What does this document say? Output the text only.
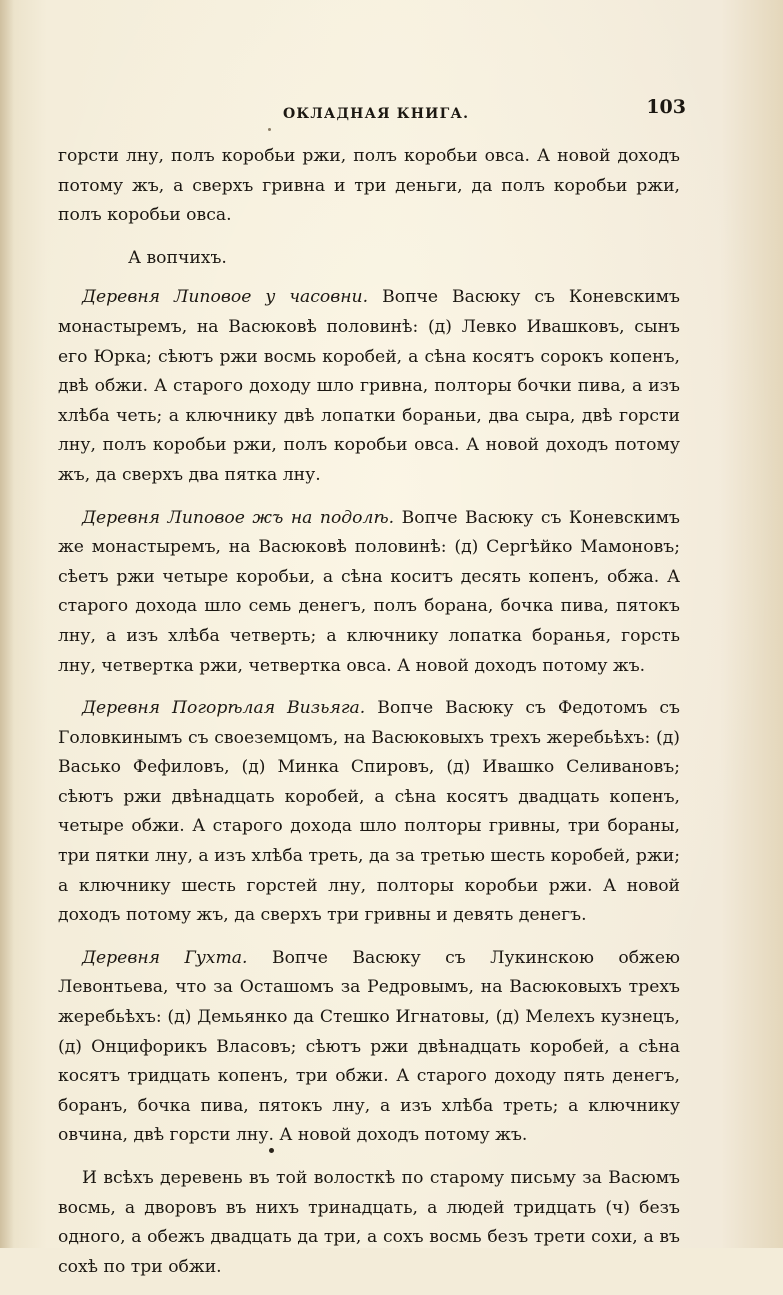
ОКЛАДНАЯ КНИГА.	103

горсти лну, полъ коробьи ржи, полъ коробьи овса. А новой доходъ потому жъ, а сверхъ гривна и три деньги, да полъ коробьи ржи, полъ коробьи овса.

А вопчихъ.

Деревня Липовое у часовни. Вопче Васюку съ Коневскимъ монастыремъ, на Васюковѣ половинѣ: (д) Левко Ивашковъ, сынъ его Юрка; сѣютъ ржи восмь коробей, а сѣна косятъ сорокъ копенъ, двѣ обжи. А старого доходу шло гривна, полторы бочки пива, а изъ хлѣба четь; а ключнику двѣ лопатки бораньи, два сыра, двѣ горсти лну, полъ коробьи ржи, полъ коробьи овса. А новой доходъ потому жъ, да сверхъ два пятка лну.

Деревня Липовое жъ на подолѣ. Вопче Васюку съ Коневскимъ же монастыремъ, на Васюковѣ половинѣ: (д) Сергѣйко Мамоновъ; сѣетъ ржи четыре коробьи, а сѣна коситъ десять копенъ, обжа. А старого дохода шло семь денегъ, полъ борана, бочка пива, пятокъ лну, а изъ хлѣба четверть; а ключнику лопатка боранья, горсть лну, четвертка ржи, четвертка овса. А новой доходъ потому жъ.

Деревня Погорѣлая Визьяга. Вопче Васюку съ Федотомъ съ Головкинымъ съ своеземцомъ, на Васюковыхъ трехъ жеребьѣхъ: (д) Васько Фефиловъ, (д) Минка Спировъ, (д) Ивашко Селивановъ; сѣютъ ржи двѣнадцать коробей, а сѣна косятъ двадцать копенъ, четыре обжи. А старого дохода шло полторы гривны, три бораны, три пятки лну, а изъ хлѣба треть, да за третью шесть коробей, ржи; а ключнику шесть горстей лну, полторы коробьи ржи. А новой доходъ потому жъ, да сверхъ три гривны и девять денегъ.

Деревня Гухта. Вопче Васюку съ Лукинскою обжею Левонтьева, что за Осташомъ за Редровымъ, на Васюковыхъ трехъ жеребьѣхъ: (д) Демьянко да Стешко Игнатовы, (д) Мелехъ кузнецъ, (д) Онцифорикъ Власовъ; сѣютъ ржи двѣнадцать коробей, а сѣна косятъ тридцать копенъ, три обжи. А старого доходу пять денегъ, боранъ, бочка пива, пятокъ лну, а изъ хлѣба треть; а ключнику овчина, двѣ горсти лну. А новой доходъ потому жъ.

И всѣхъ деревень въ той волосткѣ по старому письму за Васюмъ восмь, а дворовъ въ нихъ тринадцать, а людей тридцать (ч) безъ одного, а обежъ двадцать да три, а сохъ восмь безъ трети сохи, а въ сохѣ по три обжи.
